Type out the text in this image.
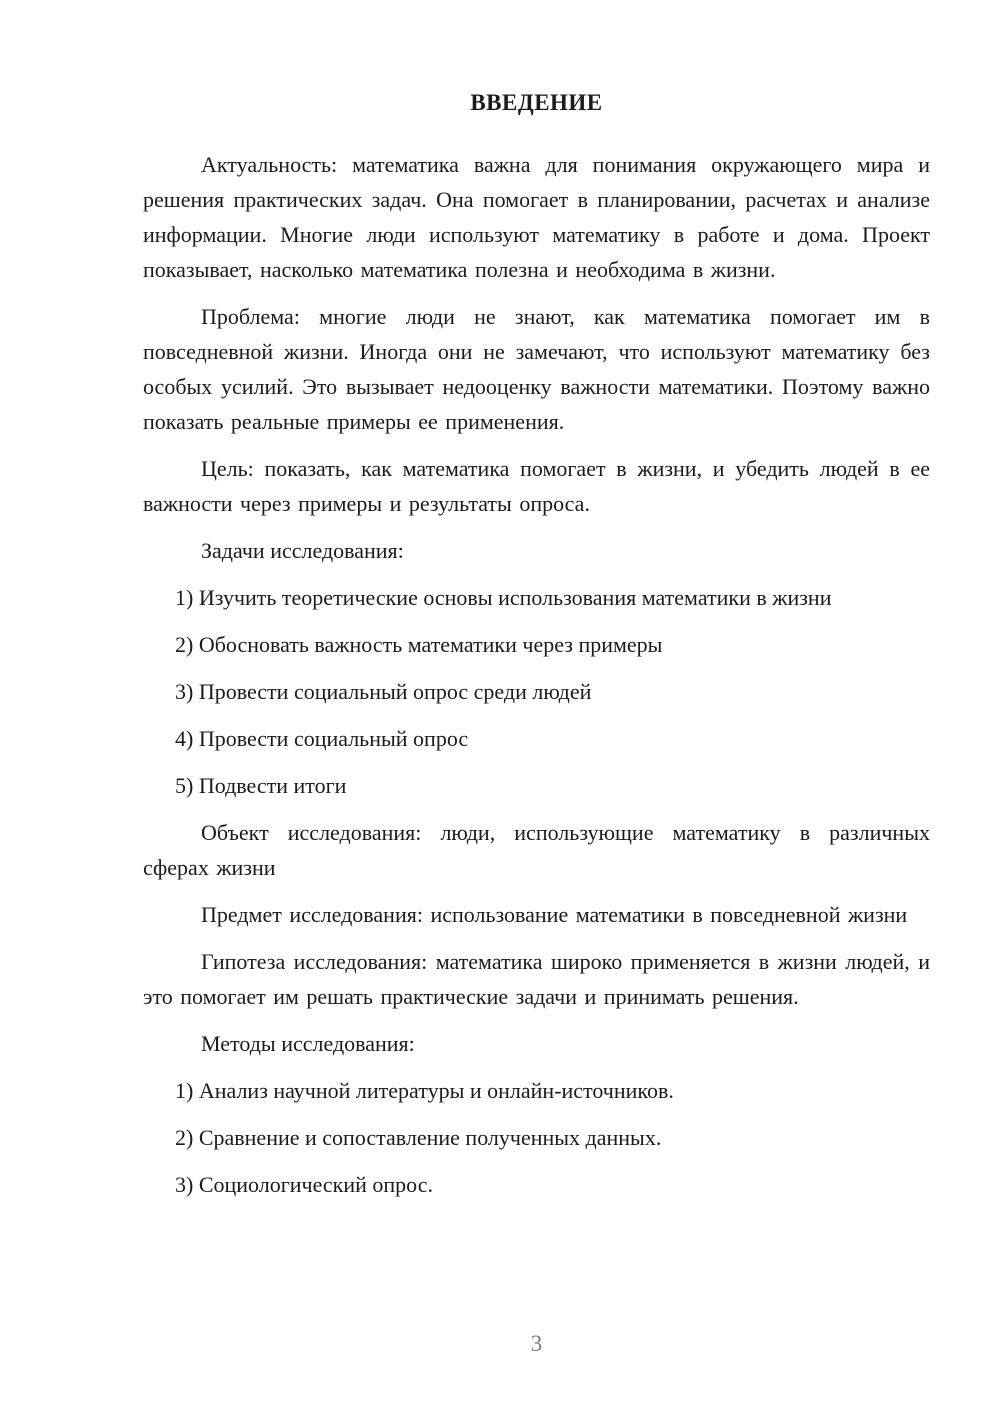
ВВЕДЕНИЕ

Актуальность: математика важна для понимания окружающего мира и решения практических задач. Она помогает в планировании, расчетах и анализе информации. Многие люди используют математику в работе и дома. Проект показывает, насколько математика полезна и необходима в жизни.

Проблема: многие люди не знают, как математика помогает им в повседневной жизни. Иногда они не замечают, что используют математику без особых усилий. Это вызывает недооценку важности математики. Поэтому важно показать реальные примеры ее применения.

Цель: показать, как математика помогает в жизни, и убедить людей в ее важности через примеры и результаты опроса.

Задачи исследования:

1) Изучить теоретические основы использования математики в жизни

2) Обосновать важность математики через примеры

3) Провести социальный опрос среди людей

4) Провести социальный опрос

5) Подвести итоги

Объект исследования: люди, использующие математику в различных сферах жизни

Предмет исследования: использование математики в повседневной жизни

Гипотеза исследования: математика широко применяется в жизни людей, и это помогает им решать практические задачи и принимать решения.

Методы исследования:

1) Анализ научной литературы и онлайн-источников.

2) Сравнение и сопоставление полученных данных.

3) Социологический опрос.

3
